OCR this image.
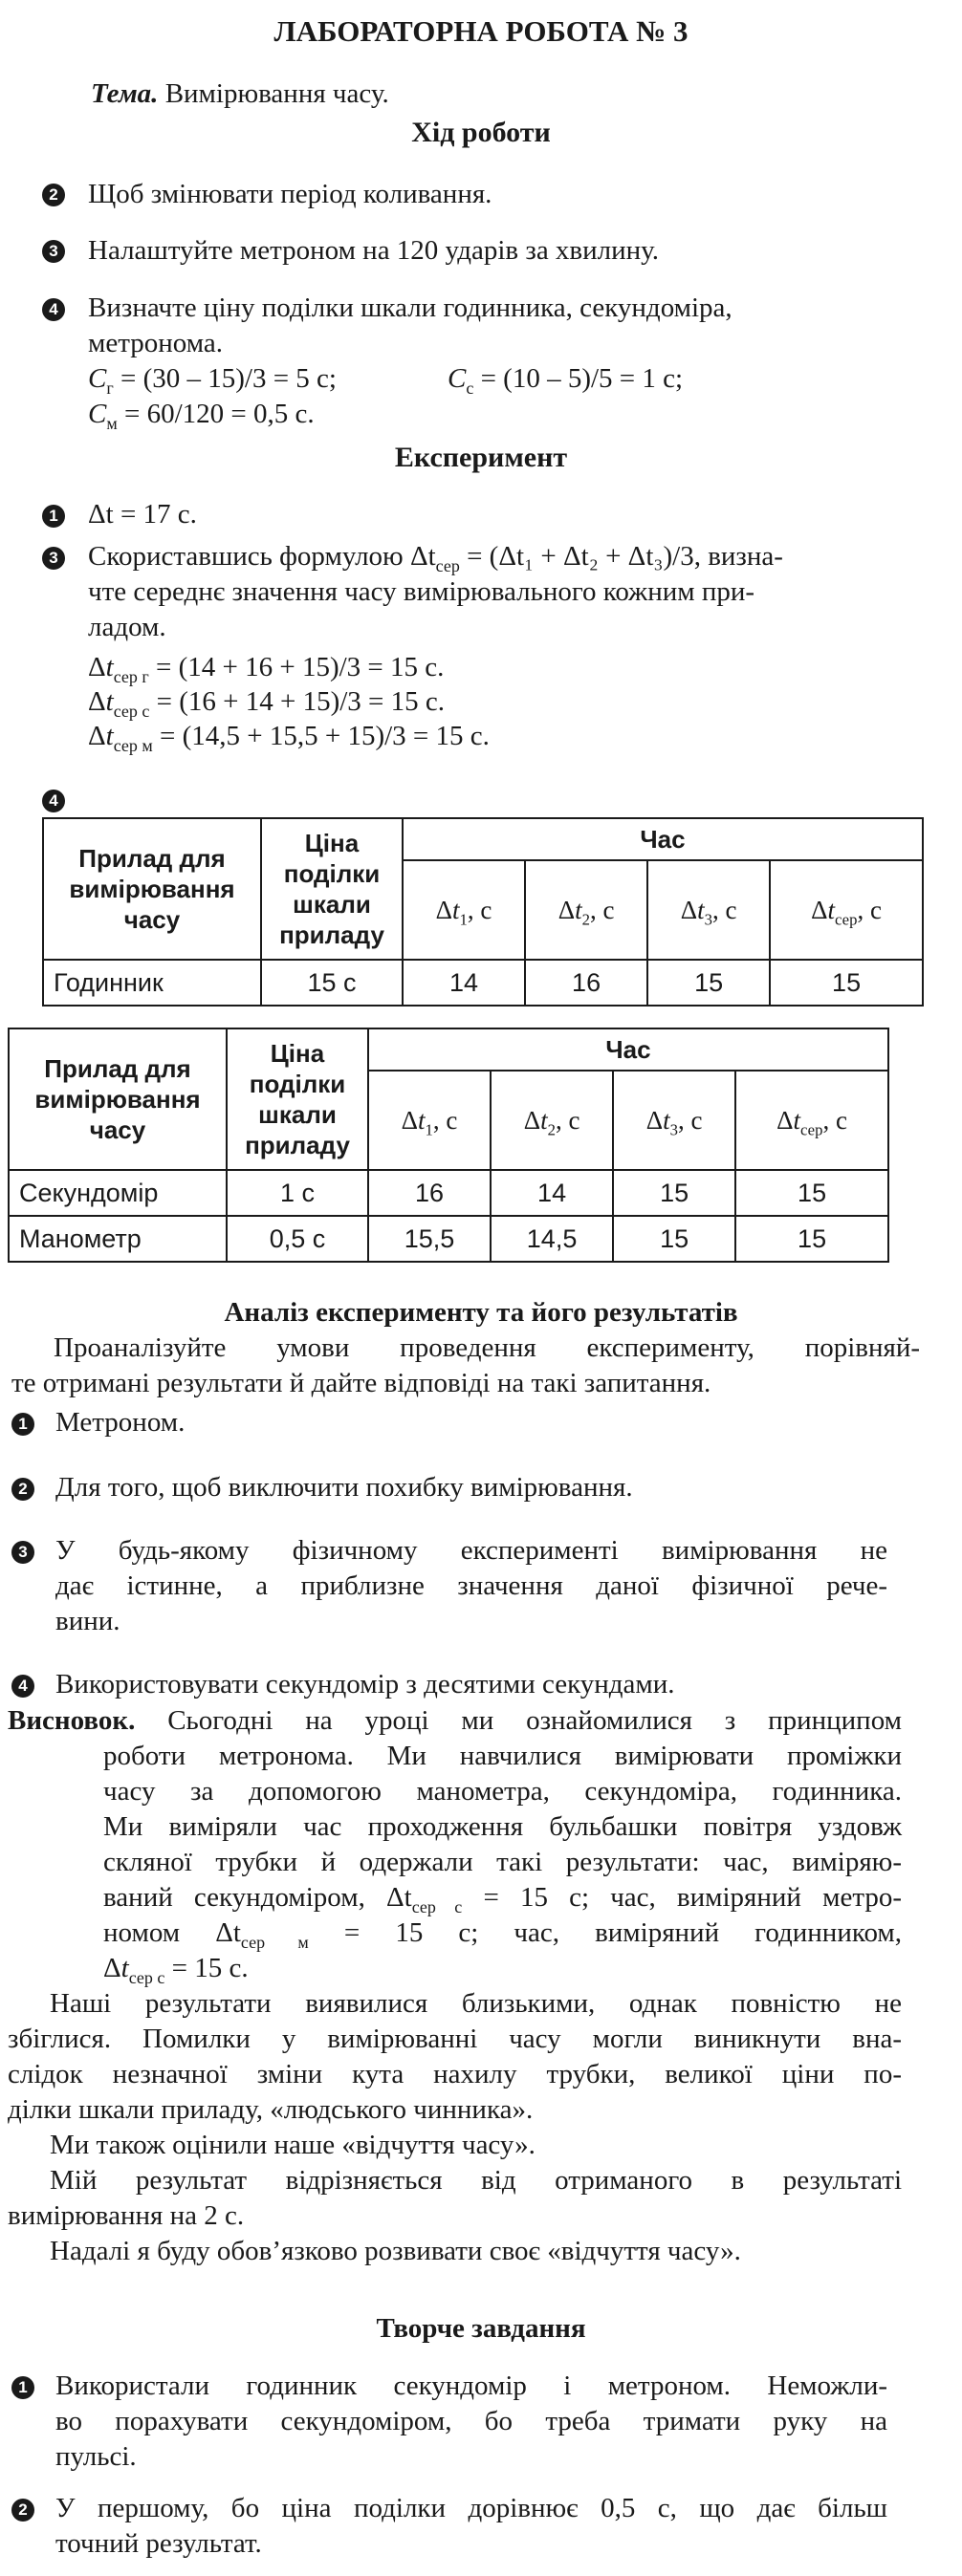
ЛАБОРАТОРНА РОБОТА № 3
Тема. Вимірювання часу.
Хід роботи
2 Щоб змінювати період коливання.
3 Налаштуйте метроном на 120 ударів за хвилину.
4 Визначте ціну поділки шкали годинника, секундоміра,
метронома.
$C_г = (30 - 15)/3 = 5$ с;	$C_с = (10 - 5)/5 = 1$ с;
$C_м = 60/120 = 0,5$ с.
Експеримент
1 Δt = 17 с.
3 Скориставшись формулою $\Delta t_{сер} = (\Delta t_1 + \Delta t_2 + \Delta t_3)/3$, визна-
чте середнє значення часу вимірювального кожним при-
ладом.
$\Delta t_{сер г} = (14 + 16 + 15)/3 = 15$ с.
$\Delta t_{сер с} = (16 + 14 + 15)/3 = 15$ с.
$\Delta t_{сер м} = (14,5 + 15,5 + 15)/3 = 15$ с.
4
Прилад для вимірювання часу	Ціна поділки шкали приладу	Час			
		$\Delta t_1$, с	$\Delta t_2$, с	$\Delta t_3$, с	$\Delta t_{сер}$, с
Годинник	15 с	14	16	15	15
Прилад для вимірювання часу	Ціна поділки шкали приладу	Час			
		$\Delta t_1$, с	$\Delta t_2$, с	$\Delta t_3$, с	$\Delta t_{сер}$, с
Секундомір	1 с	16	14	15	15
Манометр	0,5 с	15,5	14,5	15	15
Аналіз експерименту та його результатів
Проаналізуйте умови проведення експерименту, порівняй-
те отримані результати й дайте відповіді на такі запитання.
1 Метроном.
2 Для того, щоб виключити похибку вимірювання.
3 У будь-якому фізичному експерименті вимірювання не
дає істинне, а приблизне значення даної фізичної рече-
вини.
4 Використовувати секундомір з десятими секундами.
Висновок. Сьогодні на уроці ми ознайомилися з принципом
роботи метронома. Ми навчилися вимірювати проміжки
часу за допомогою манометра, секундоміра, годинника.
Ми виміряли час проходження бульбашки повітря уздовж
скляної трубки й одержали такі результати: час, виміряю-
ваний секундоміром, $\Delta t_{сер с} = 15$ с; час, виміряний метро-
номом $\Delta t_{сер м} = 15$ с; час, виміряний годинником,
$\Delta t_{сер с} = 15$ с.
Наші результати виявилися близькими, однак повністю не
збіглися. Помилки у вимірюванні часу могли виникнути вна-
слідок незначної зміни кута нахилу трубки, великої ціни по-
ділки шкали приладу, «людського чинника».
Ми також оцінили наше «відчуття часу».
Мій результат відрізняється від отриманого в результаті
вимірювання на 2 с.
Надалі я буду обов’язково розвивати своє «відчуття часу».
Творче завдання
1 Використали годинник секундомір і метроном. Неможли-
во порахувати секундоміром, бо треба тримати руку на
пульсі.
2 У першому, бо ціна поділки дорівнює 0,5 с, що дає більш
точний результат.
